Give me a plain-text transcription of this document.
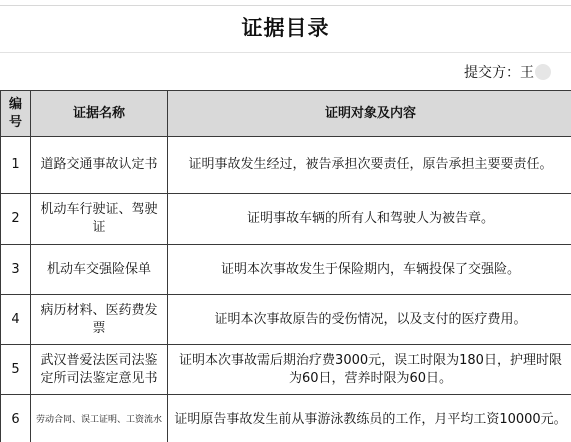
证据目录
提交方：王
编号	证据名称	证明对象及内容
1	道路交通事故认定书	证明事故发生经过，被告承担次要责任，原告承担主要要责任。
2	机动车行驶证、驾驶证	证明事故车辆的所有人和驾驶人为被告章。
3	机动车交强险保单	证明本次事故发生于保险期内，车辆投保了交强险。
4	病历材料、医药费发票	证明本次事故原告的受伤情况，以及支付的医疗费用。
5	武汉普爱法医司法鉴定所司法鉴定意见书	证明本次事故需后期治疗费3000元，误工时限为180日，护理时限为60日，营养时限为60日。
6	劳动合同、误工证明、工资流水	证明原告事故发生前从事游泳教练员的工作，月平均工资10000元。
